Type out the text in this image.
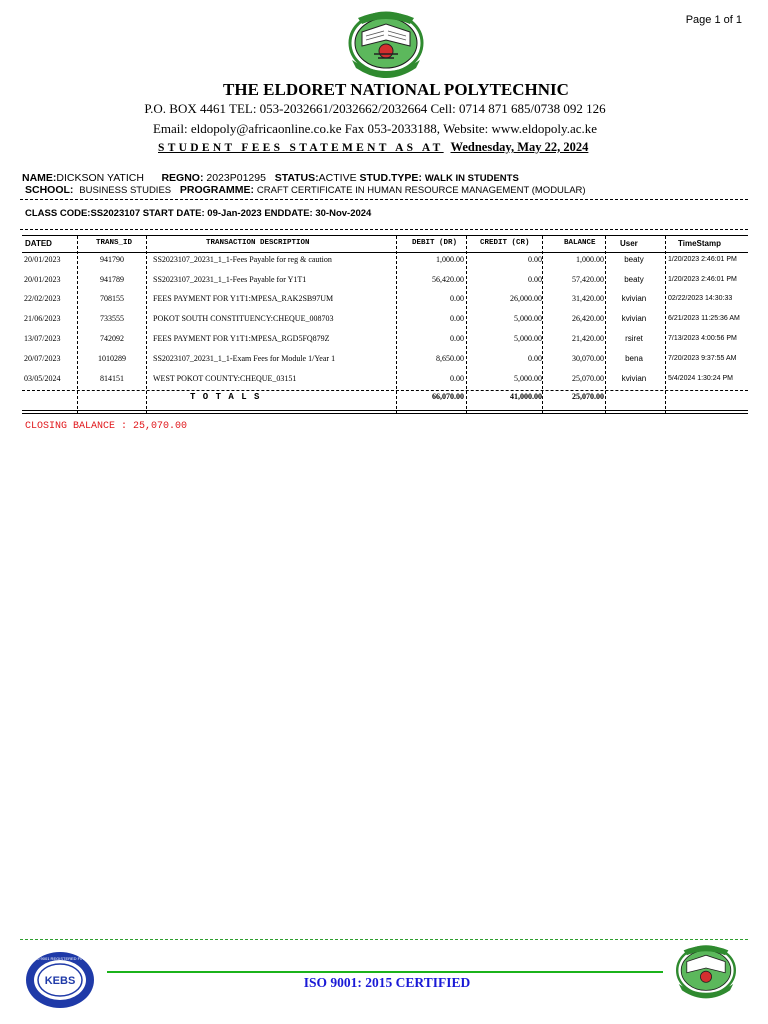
Page 1 of 1
THE ELDORET NATIONAL POLYTECHNIC
P.O. BOX 4461 TEL: 053-2032661/2032662/2032664 Cell: 0714 871 685/0738 092 126
Email: eldopoly@africaonline.co.ke Fax 053-2033188, Website: www.eldopoly.ac.ke
STUDENT FEES STATEMENT AS AT Wednesday, May 22, 2024
NAME:DICKSON YATICH REGNO: 2023P01295 STATUS:ACTIVE STUD.TYPE: WALK IN STUDENTS
SCHOOL: BUSINESS STUDIES PROGRAMME: CRAFT CERTIFICATE IN HUMAN RESOURCE MANAGEMENT (MODULAR)
CLASS CODE:SS2023107 START DATE: 09-Jan-2023 ENDDATE: 30-Nov-2024
DATED	TRANS_ID	TRANSACTION DESCRIPTION	DEBIT (DR)	CREDIT (CR)	BALANCE	User	TimeStamp
20/01/2023	941790	SS2023107_20231_1_1-Fees Payable for reg & caution	1,000.00	0.00	1,000.00	beaty	1/20/2023 2:46:01 PM
20/01/2023	941789	SS2023107_20231_1_1-Fees Payable for Y1T1	56,420.00	0.00	57,420.00	beaty	1/20/2023 2:46:01 PM
22/02/2023	708155	FEES PAYMENT FOR Y1T1:MPESA_RAK2SB97UM	0.00	26,000.00	31,420.00	kvivian	02/22/2023 14:30:33
21/06/2023	733555	POKOT SOUTH CONSTITUENCY:CHEQUE_008703	0.00	5,000.00	26,420.00	kvivian	6/21/2023 11:25:36 AM
13/07/2023	742092	FEES PAYMENT FOR Y1T1:MPESA_RGD5FQ879Z	0.00	5,000.00	21,420.00	rsiret	7/13/2023 4:00:56 PM
20/07/2023	1010289	SS2023107_20231_1_1-Exam Fees for Module 1/Year 1	8,650.00	0.00	30,070.00	bena	7/20/2023 9:37:55 AM
03/05/2024	814151	WEST POKOT COUNTY:CHEQUE_03151	0.00	5,000.00	25,070.00	kvivian	5/4/2024 1:30:24 PM
T O T A L S	66,070.00	41,000.00	25,070.00
CLOSING BALANCE : 25,070.00
KEBS
ISO 9001 REGISTERED FIRM
ISO 9001: 2015 CERTIFIED
